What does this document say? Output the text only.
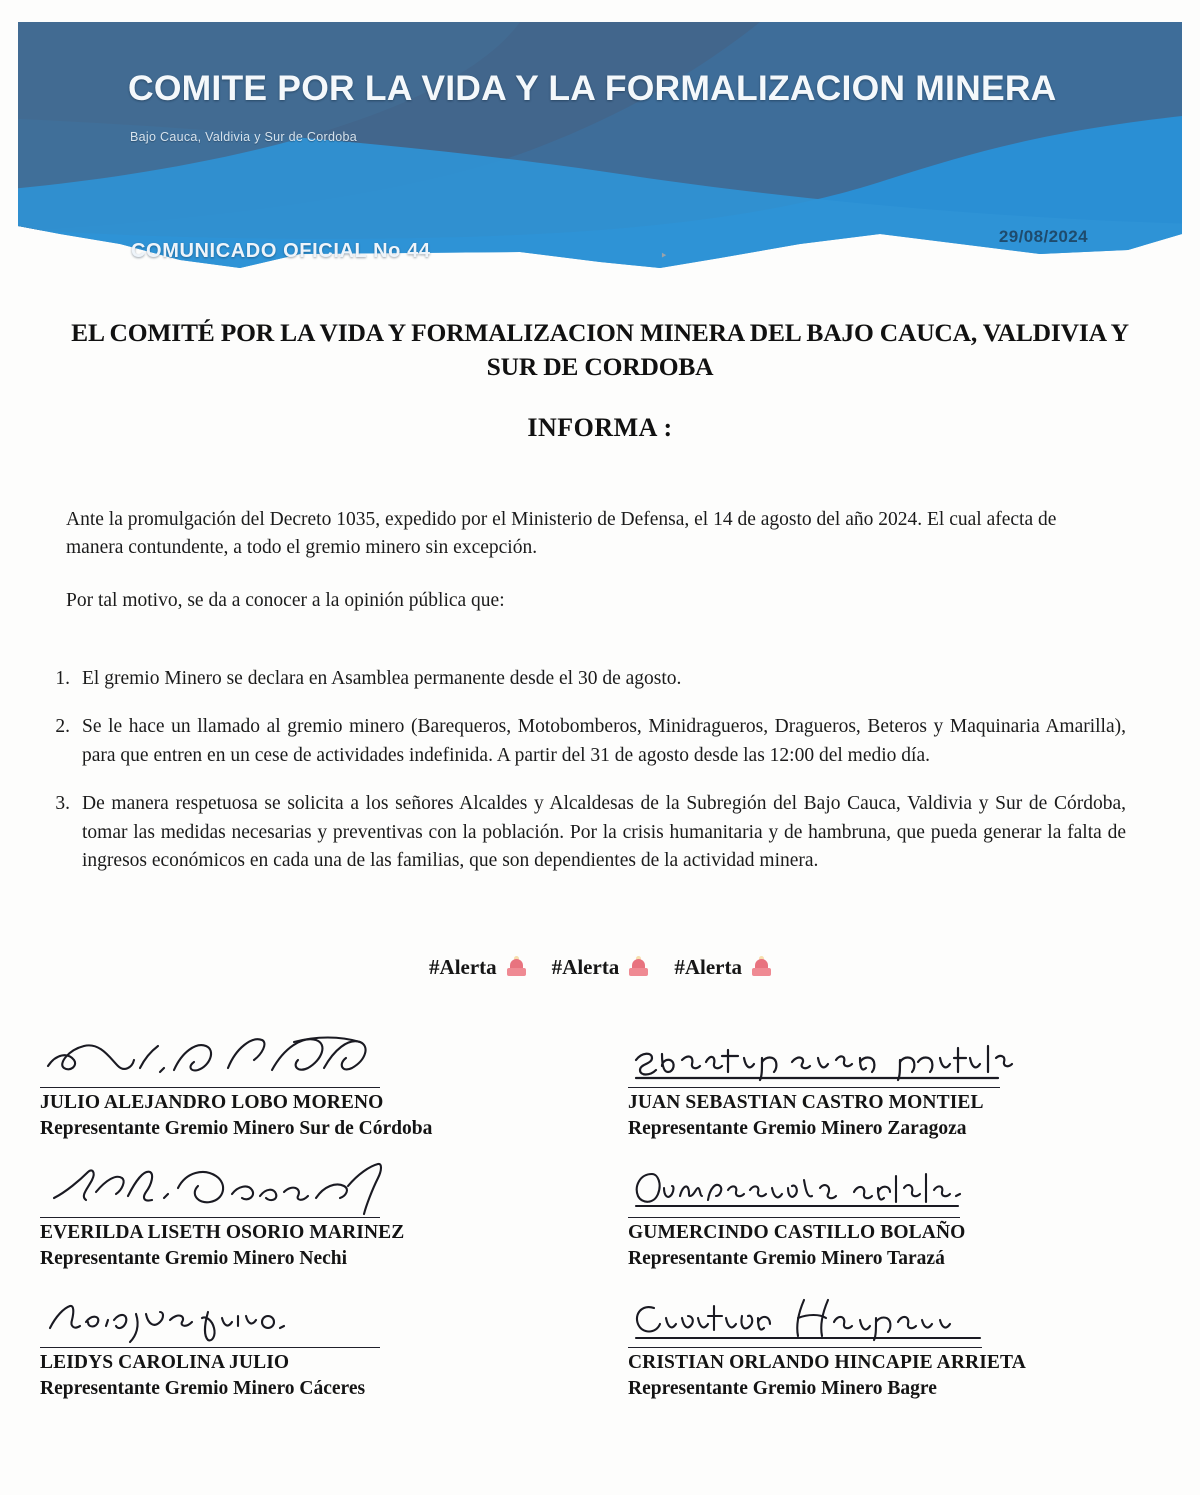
COMITE POR LA VIDA Y LA FORMALIZACION MINERA
Bajo Cauca, Valdivia y Sur de Cordoba
COMUNICADO OFICIAL No 44
29/08/2024
‣
EL COMITÉ POR LA VIDA Y FORMALIZACION MINERA DEL BAJO CAUCA, VALDIVIA Y SUR DE CORDOBA
INFORMA :
Ante la promulgación del Decreto 1035, expedido por el Ministerio de Defensa, el 14 de agosto del año 2024. El cual afecta de manera contundente, a todo el gremio minero sin excepción.
Por tal motivo, se da a conocer a la opinión pública que:
1. El gremio Minero se declara en Asamblea permanente desde el 30 de agosto.
2. Se le hace un llamado al gremio minero (Barequeros, Motobomberos, Minidragueros, Dragueros, Beteros y Maquinaria Amarilla), para que entren en un cese de actividades indefinida. A partir del 31 de agosto desde las 12:00 del medio día.
3. De manera respetuosa se solicita a los señores Alcaldes y Alcaldesas de la Subregión del Bajo Cauca, Valdivia y Sur de Córdoba, tomar las medidas necesarias y preventivas con la población. Por la crisis humanitaria y de hambruna, que pueda generar la falta de ingresos económicos en cada una de las familias, que son dependientes de la actividad minera.
#Alerta	#Alerta	#Alerta
JULIO ALEJANDRO LOBO MORENO
Representante Gremio Minero Sur de Córdoba
EVERILDA LISETH OSORIO MARINEZ
Representante Gremio Minero Nechi
LEIDYS CAROLINA JULIO
Representante Gremio Minero Cáceres
JUAN SEBASTIAN CASTRO MONTIEL
Representante Gremio Minero Zaragoza
GUMERCINDO CASTILLO BOLAÑO
Representante Gremio Minero Tarazá
CRISTIAN ORLANDO HINCAPIE ARRIETA
Representante Gremio Minero Bagre
